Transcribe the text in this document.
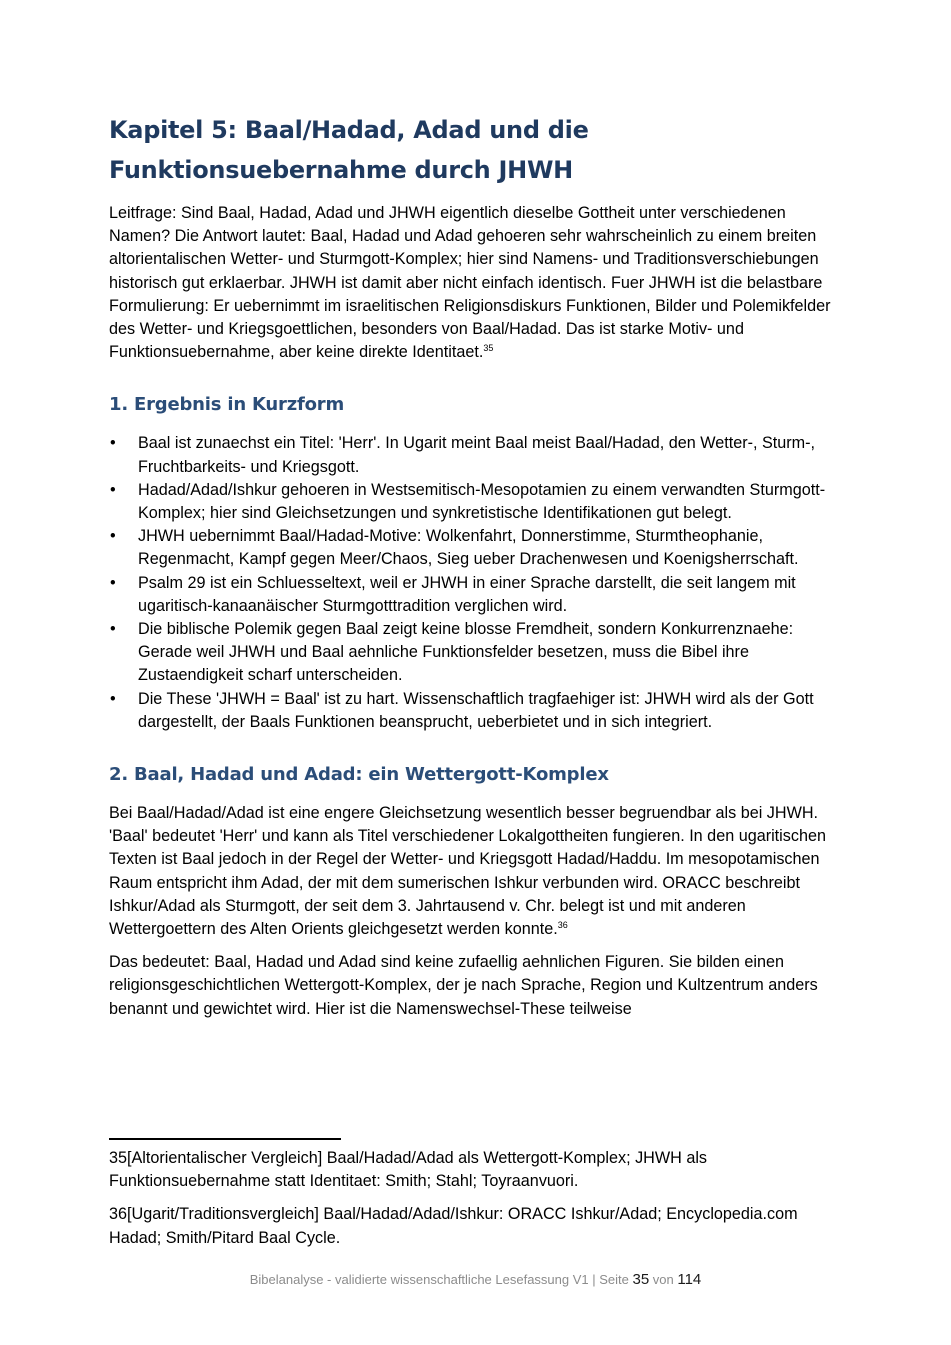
Kapitel 5: Baal/Hadad, Adad und die Funktionsuebernahme durch JHWH

Leitfrage: Sind Baal, Hadad, Adad und JHWH eigentlich dieselbe Gottheit unter verschiedenen Namen? Die Antwort lautet: Baal, Hadad und Adad gehoeren sehr wahrscheinlich zu einem breiten altorientalischen Wetter- und Sturmgott-Komplex; hier sind Namens- und Traditionsverschiebungen historisch gut erklaerbar. JHWH ist damit aber nicht einfach identisch. Fuer JHWH ist die belastbare Formulierung: Er uebernimmt im israelitischen Religionsdiskurs Funktionen, Bilder und Polemikfelder des Wetter- und Kriegsgoettlichen, besonders von Baal/Hadad. Das ist starke Motiv- und Funktionsuebernahme, aber keine direkte Identitaet.$^{35}$

1. Ergebnis in Kurzform
• Baal ist zunaechst ein Titel: 'Herr'. In Ugarit meint Baal meist Baal/Hadad, den Wetter-, Sturm-, Fruchtbarkeits- und Kriegsgott.
• Hadad/Adad/Ishkur gehoeren in Westsemitisch-Mesopotamien zu einem verwandten Sturmgott-Komplex; hier sind Gleichsetzungen und synkretistische Identifikationen gut belegt.
• JHWH uebernimmt Baal/Hadad-Motive: Wolkenfahrt, Donnerstimme, Sturmtheophanie, Regenmacht, Kampf gegen Meer/Chaos, Sieg ueber Drachenwesen und Koenigsherrschaft.
• Psalm 29 ist ein Schluesseltext, weil er JHWH in einer Sprache darstellt, die seit langem mit ugaritisch-kanaanäischer Sturmgotttradition verglichen wird.
• Die biblische Polemik gegen Baal zeigt keine blosse Fremdheit, sondern Konkurrenznaehe: Gerade weil JHWH und Baal aehnliche Funktionsfelder besetzen, muss die Bibel ihre Zustaendigkeit scharf unterscheiden.
• Die These 'JHWH = Baal' ist zu hart. Wissenschaftlich tragfaehiger ist: JHWH wird als der Gott dargestellt, der Baals Funktionen beansprucht, ueberbietet und in sich integriert.
2. Baal, Hadad und Adad: ein Wettergott-Komplex

Bei Baal/Hadad/Adad ist eine engere Gleichsetzung wesentlich besser begruendbar als bei JHWH. 'Baal' bedeutet 'Herr' und kann als Titel verschiedener Lokalgottheiten fungieren. In den ugaritischen Texten ist Baal jedoch in der Regel der Wetter- und Kriegsgott Hadad/Haddu. Im mesopotamischen Raum entspricht ihm Adad, der mit dem sumerischen Ishkur verbunden wird. ORACC beschreibt Ishkur/Adad als Sturmgott, der seit dem 3. Jahrtausend v. Chr. belegt ist und mit anderen Wettergoettern des Alten Orients gleichgesetzt werden konnte.$^{36}$

Das bedeutet: Baal, Hadad und Adad sind keine zufaellig aehnlichen Figuren. Sie bilden einen religionsgeschichtlichen Wettergott-Komplex, der je nach Sprache, Region und Kultzentrum anders benannt und gewichtet wird. Hier ist die Namenswechsel-These teilweise

35[Altorientalischer Vergleich] Baal/Hadad/Adad als Wettergott-Komplex; JHWH als Funktionsuebernahme statt Identitaet: Smith; Stahl; Toyraanvuori.

36[Ugarit/Traditionsvergleich] Baal/Hadad/Adad/Ishkur: ORACC Ishkur/Adad; Encyclopedia.com Hadad; Smith/Pitard Baal Cycle.

Bibelanalyse - validierte wissenschaftliche Lesefassung V1 | Seite 35 von 114
